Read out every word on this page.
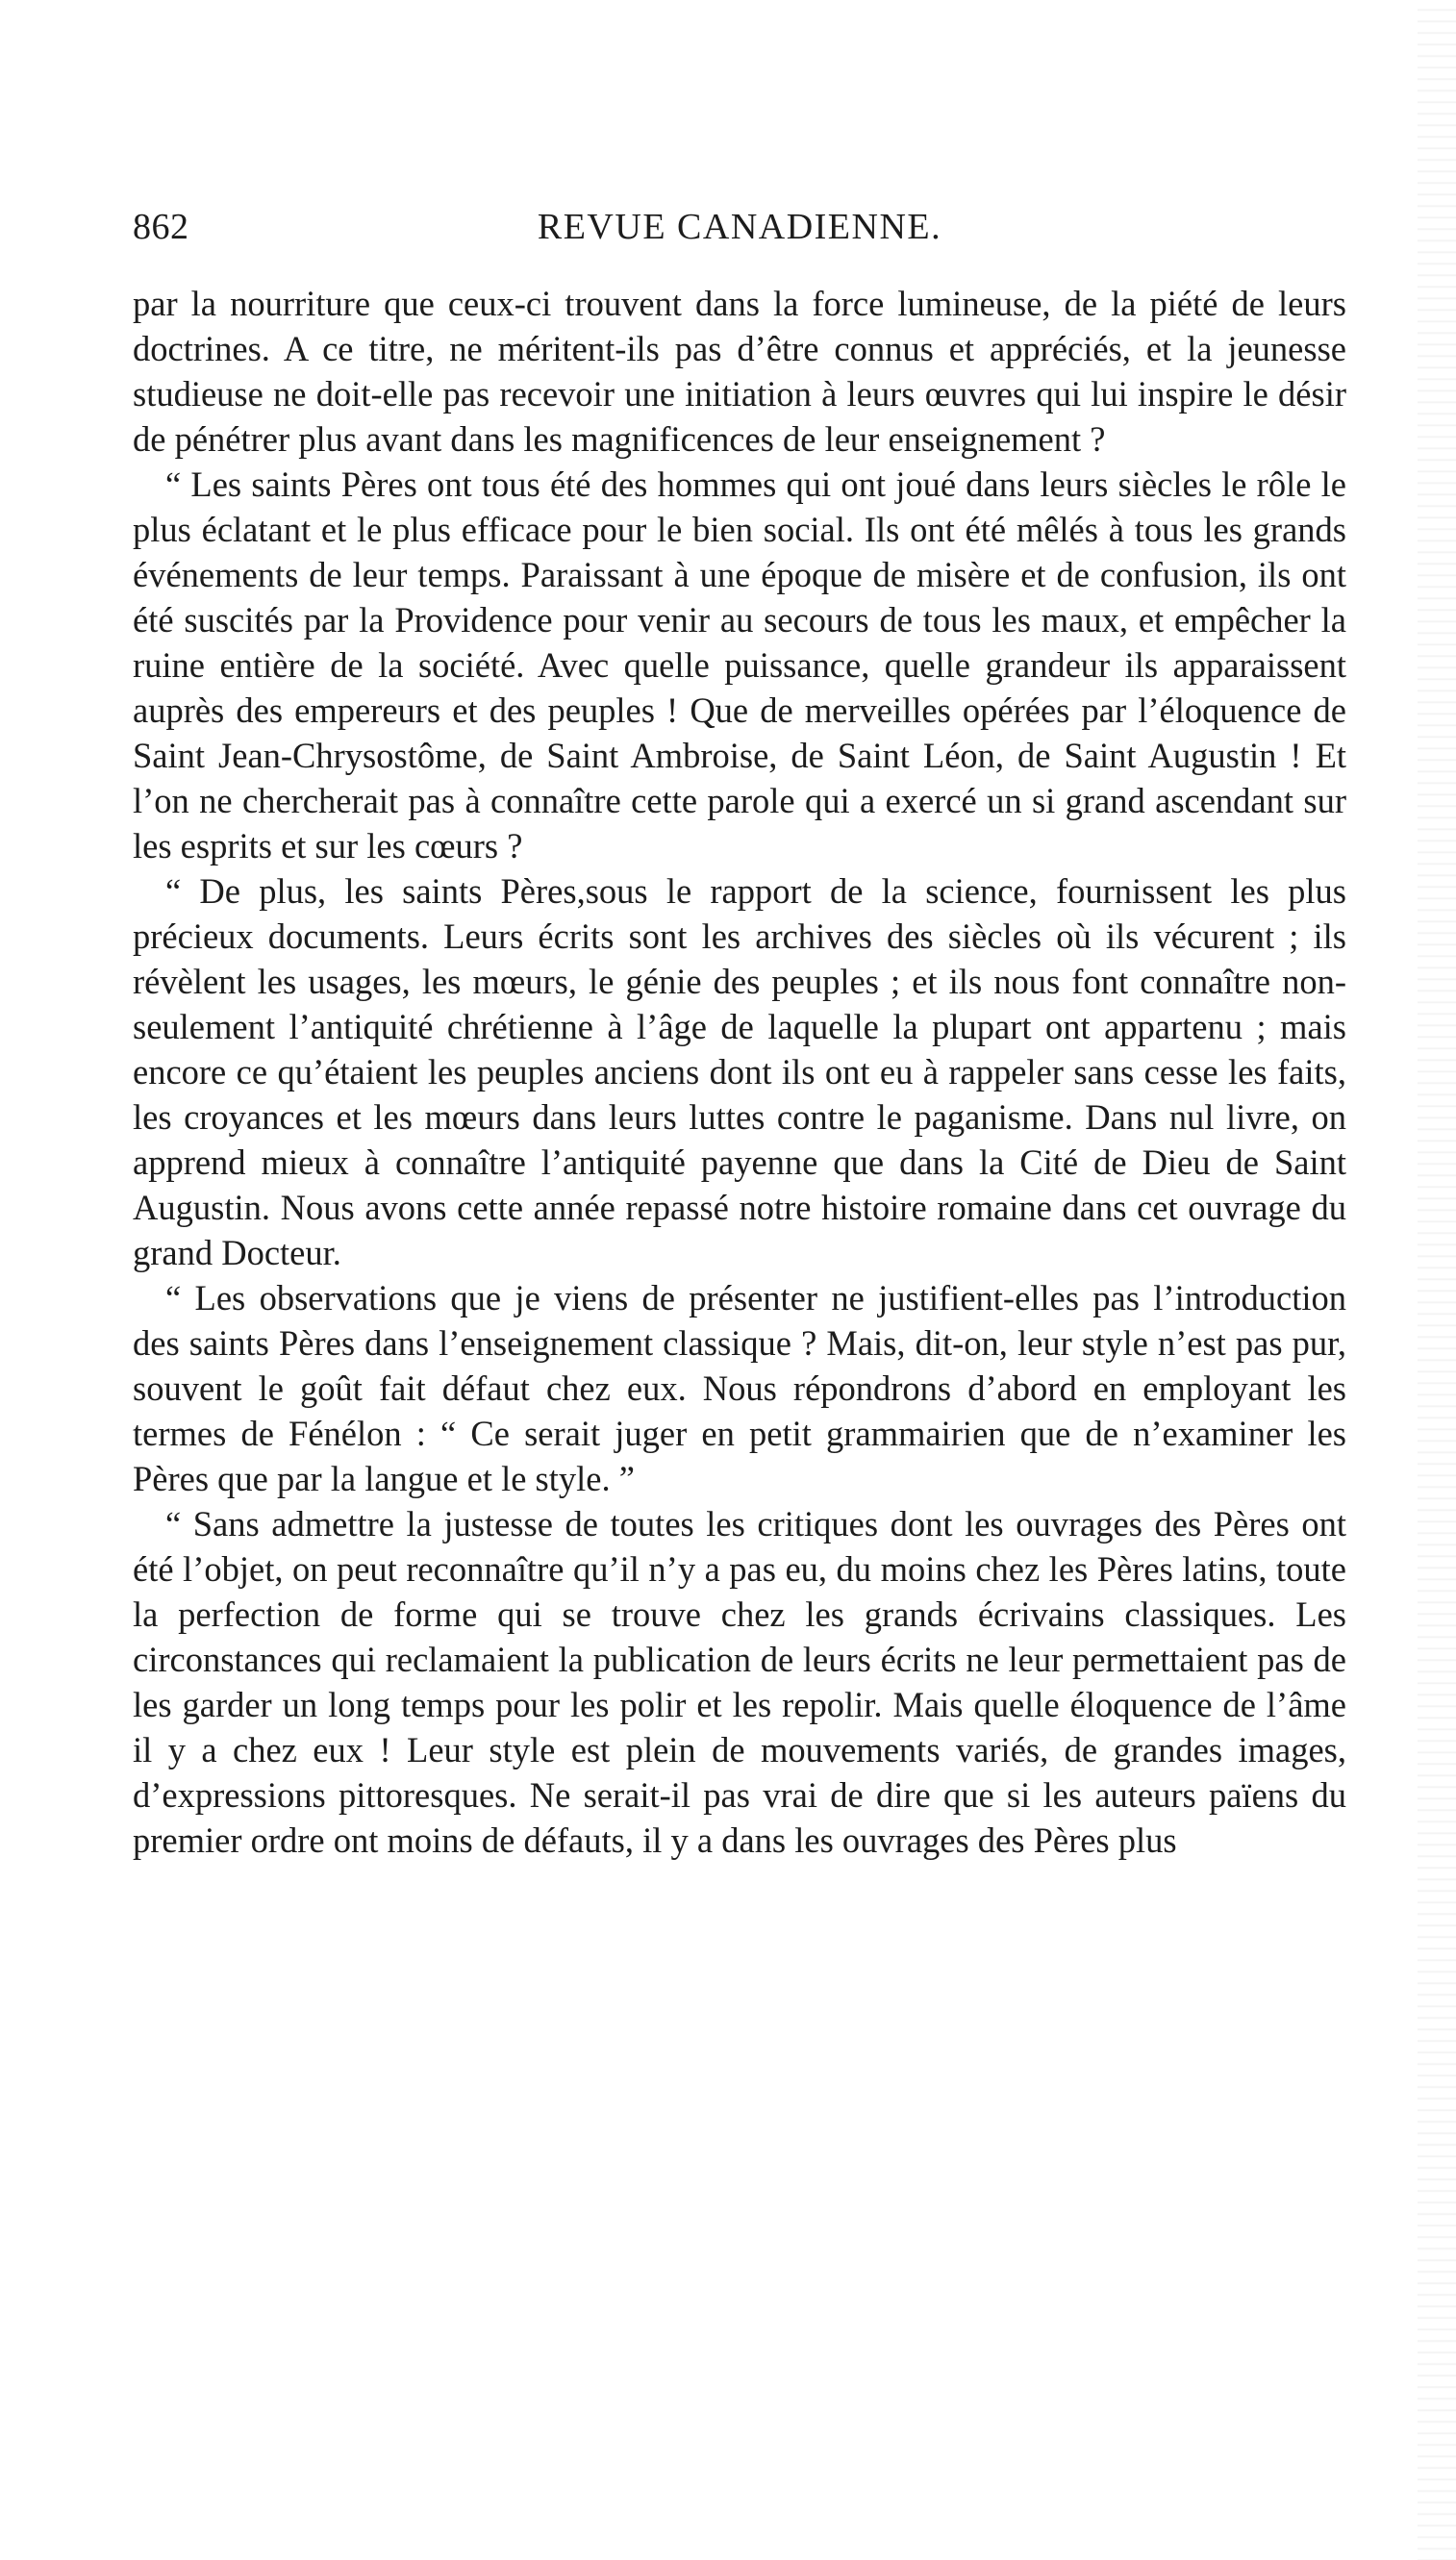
862	REVUE CANADIENNE.

par la nourriture que ceux-ci trouvent dans la force lumineuse, de la piété de leurs doctrines. A ce titre, ne méritent-ils pas d’être connus et appréciés, et la jeunesse studieuse ne doit-elle pas recevoir une initiation à leurs œuvres qui lui inspire le désir de pénétrer plus avant dans les magnificences de leur enseignement ?

“ Les saints Pères ont tous été des hommes qui ont joué dans leurs siècles le rôle le plus éclatant et le plus efficace pour le bien social. Ils ont été mêlés à tous les grands événements de leur temps. Paraissant à une époque de misère et de confusion, ils ont été suscités par la Providence pour venir au secours de tous les maux, et empêcher la ruine entière de la société. Avec quelle puissance, quelle grandeur ils apparaissent auprès des empereurs et des peuples ! Que de merveilles opérées par l’éloquence de Saint Jean-Chrysostôme, de Saint Ambroise, de Saint Léon, de Saint Augustin ! Et l’on ne chercherait pas à connaître cette parole qui a exercé un si grand ascendant sur les esprits et sur les cœurs ?

“ De plus, les saints Pères,sous le rapport de la science, fournissent les plus précieux documents. Leurs écrits sont les archives des siècles où ils vécurent ; ils révèlent les usages, les mœurs, le génie des peuples ; et ils nous font connaître non-seulement l’antiquité chrétienne à l’âge de laquelle la plupart ont appartenu ; mais encore ce qu’étaient les peuples anciens dont ils ont eu à rappeler sans cesse les faits, les croyances et les mœurs dans leurs luttes contre le paganisme. Dans nul livre, on apprend mieux à connaître l’antiquité payenne que dans la Cité de Dieu de Saint Augustin. Nous avons cette année repassé notre histoire romaine dans cet ouvrage du grand Docteur.

“ Les observations que je viens de présenter ne justifient-elles pas l’introduction des saints Pères dans l’enseignement classique ? Mais, dit-on, leur style n’est pas pur, souvent le goût fait défaut chez eux. Nous répondrons d’abord en employant les termes de Fénélon : “ Ce serait juger en petit grammairien que de n’examiner les Pères que par la langue et le style. ”

“ Sans admettre la justesse de toutes les critiques dont les ouvrages des Pères ont été l’objet, on peut reconnaître qu’il n’y a pas eu, du moins chez les Pères latins, toute la perfection de forme qui se trouve chez les grands écrivains classiques. Les circonstances qui reclamaient la publication de leurs écrits ne leur permettaient pas de les garder un long temps pour les polir et les repolir. Mais quelle éloquence de l’âme il y a chez eux ! Leur style est plein de mouvements variés, de grandes images, d’expressions pittoresques. Ne serait-il pas vrai de dire que si les auteurs païens du premier ordre ont moins de défauts, il y a dans les ouvrages des Pères plus
